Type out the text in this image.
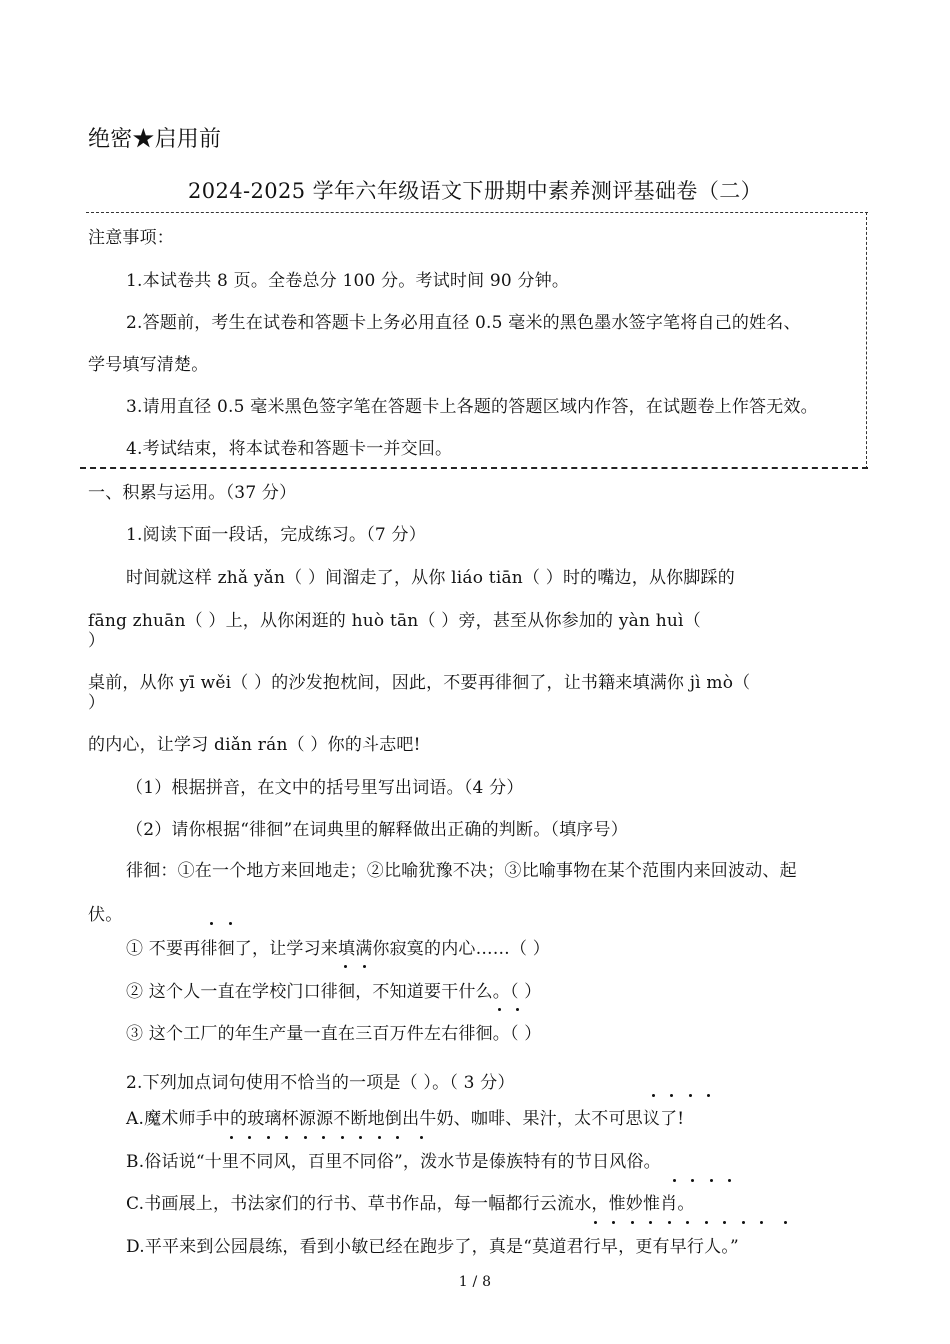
绝密★启用前
2024-2025 学年六年级语文下册期中素养测评基础卷（二）
注意事项：
1.本试卷共 8 页。全卷总分 100 分。考试时间 90 分钟。
2.答题前，考生在试卷和答题卡上务必用直径 0.5 毫米的黑色墨水签字笔将自己的姓名、
学号填写清楚。
3.请用直径 0.5 毫米黑色签字笔在答题卡上各题的答题区域内作答，在试题卷上作答无效。
4.考试结束，将本试卷和答题卡一并交回。
一、积累与运用。（37 分）
1.阅读下面一段话，完成练习。（7 分）
时间就这样 zhǎ yǎn（ ）间溜走了，从你 liáo tiān（ ）时的嘴边，从你脚踩的
fāng zhuān（ ）上，从你闲逛的 huò tān（ ）旁，甚至从你参加的 yàn huì（
）
桌前，从你 yī wěi（ ）的沙发抱枕间，因此，不要再徘徊了，让书籍来填满你 jì mò（
）
的内心，让学习 diǎn rán（ ）你的斗志吧!
（1）根据拼音，在文中的括号里写出词语。（4 分）
（2）请你根据“徘徊”在词典里的解释做出正确的判断。（填序号）
徘徊：①在一个地方来回地走；②比喻犹豫不决；③比喻事物在某个范围内来回波动、起
伏。
① 不要再徘徊了，让学习来填满你寂寞的内心……（ ）
② 这个人一直在学校门口徘徊，不知道要干什么。（ ）
③ 这个工厂的年生产量一直在三百万件左右徘徊。（ ）
2.下列加点词句使用不恰当的一项是（ ）。（ 3 分）
A.魔术师手中的玻璃杯源源不断地倒出牛奶、咖啡、果汁，太不可思议了!
B.俗话说“十里不同风，百里不同俗”，泼水节是傣族特有的节日风俗。
C.书画展上，书法家们的行书、草书作品，每一幅都行云流水，惟妙惟肖。
D.平平来到公园晨练，看到小敏已经在跑步了，真是“莫道君行早，更有早行人。”
1 / 8
